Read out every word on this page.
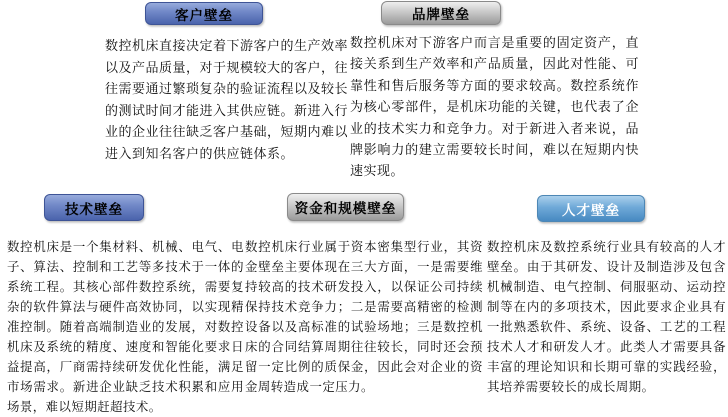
客户壁垒	品牌壁垒
技术壁垒	资金和规模壁垒	人才壁垒
数控机床直接决定着下游客户的生产效率以及产品质量，对于规模较大的客户，往往需要通过繁琐复杂的验证流程以及较长的测试时间才能进入其供应链。新进入行业的企业往往缺乏客户基础，短期内难以进入到知名客户的供应链体系。
数控机床对下游客户而言是重要的固定资产，直接关系到生产效率和产品质量，因此对性能、可靠性和售后服务等方面的要求较高。数控系统作为核心零部件，是机床功能的关键，也代表了企业的技术实力和竞争力。对于新进入者来说，品牌影响力的建立需要较长时间，难以在短期内快速实现。
数控机床是一个集材料、机械、电气、电子、算法、控制和工艺等多技术于一体的系统工程。其核心部件数控系统，需要复杂的软件算法与硬件高效协同，以实现精准控制。随着高端制造业的发展，对数控机床及系统的精度、速度和智能化要求日益提高，厂商需持续研发优化性能，满足市场需求。新进企业缺乏技术积累和应用场景，难以短期赶超技术。
数控机床行业属于资本密集型行业，其资金壁垒主要体现在三大方面，一是需要维持较高的技术研发投入，以保证公司持续保持技术竞争力；二是需要高精密的检测设备以及高标准的试验场地；三是数控机床的合同结算周期往往较长，同时还会预留一定比例的质保金，因此会对企业的资金周转造成一定压力。
数控机床及数控系统行业具有较高的人才壁垒。由于其研发、设计及制造涉及包含机械制造、电气控制、伺服驱动、运动控制等在内的多项技术，因此要求企业具有一批熟悉软件、系统、设备、工艺的工程技术人才和研发人才。此类人才需要具备丰富的理论知识和长期可靠的实践经验，其培养需要较长的成长周期。
